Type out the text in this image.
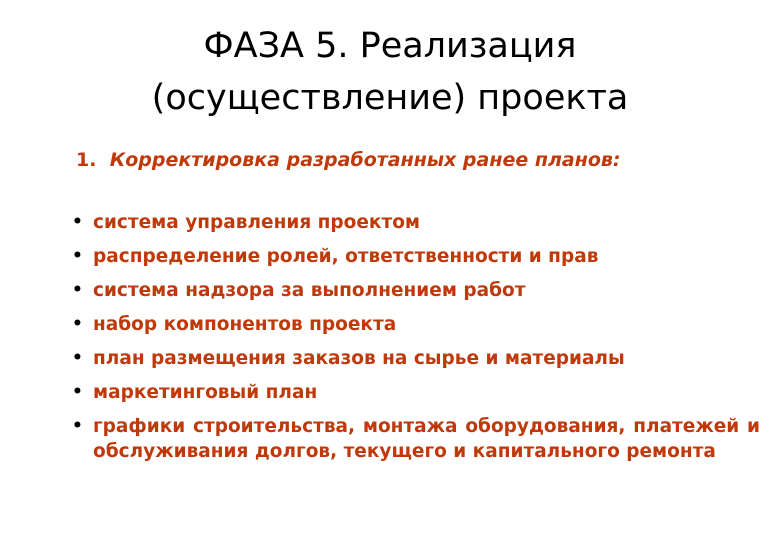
ФАЗА 5. Реализация
(осуществление) проекта
1. Корректировка разработанных ранее планов:
• система управления проектом
• распределение ролей, ответственности и прав
• система надзора за выполнением работ
• набор компонентов проекта
• план размещения заказов на сырье и материалы
• маркетинговый план
• графики строительства, монтажа оборудования, платежей и обслуживания долгов, текущего и капитального ремонта
